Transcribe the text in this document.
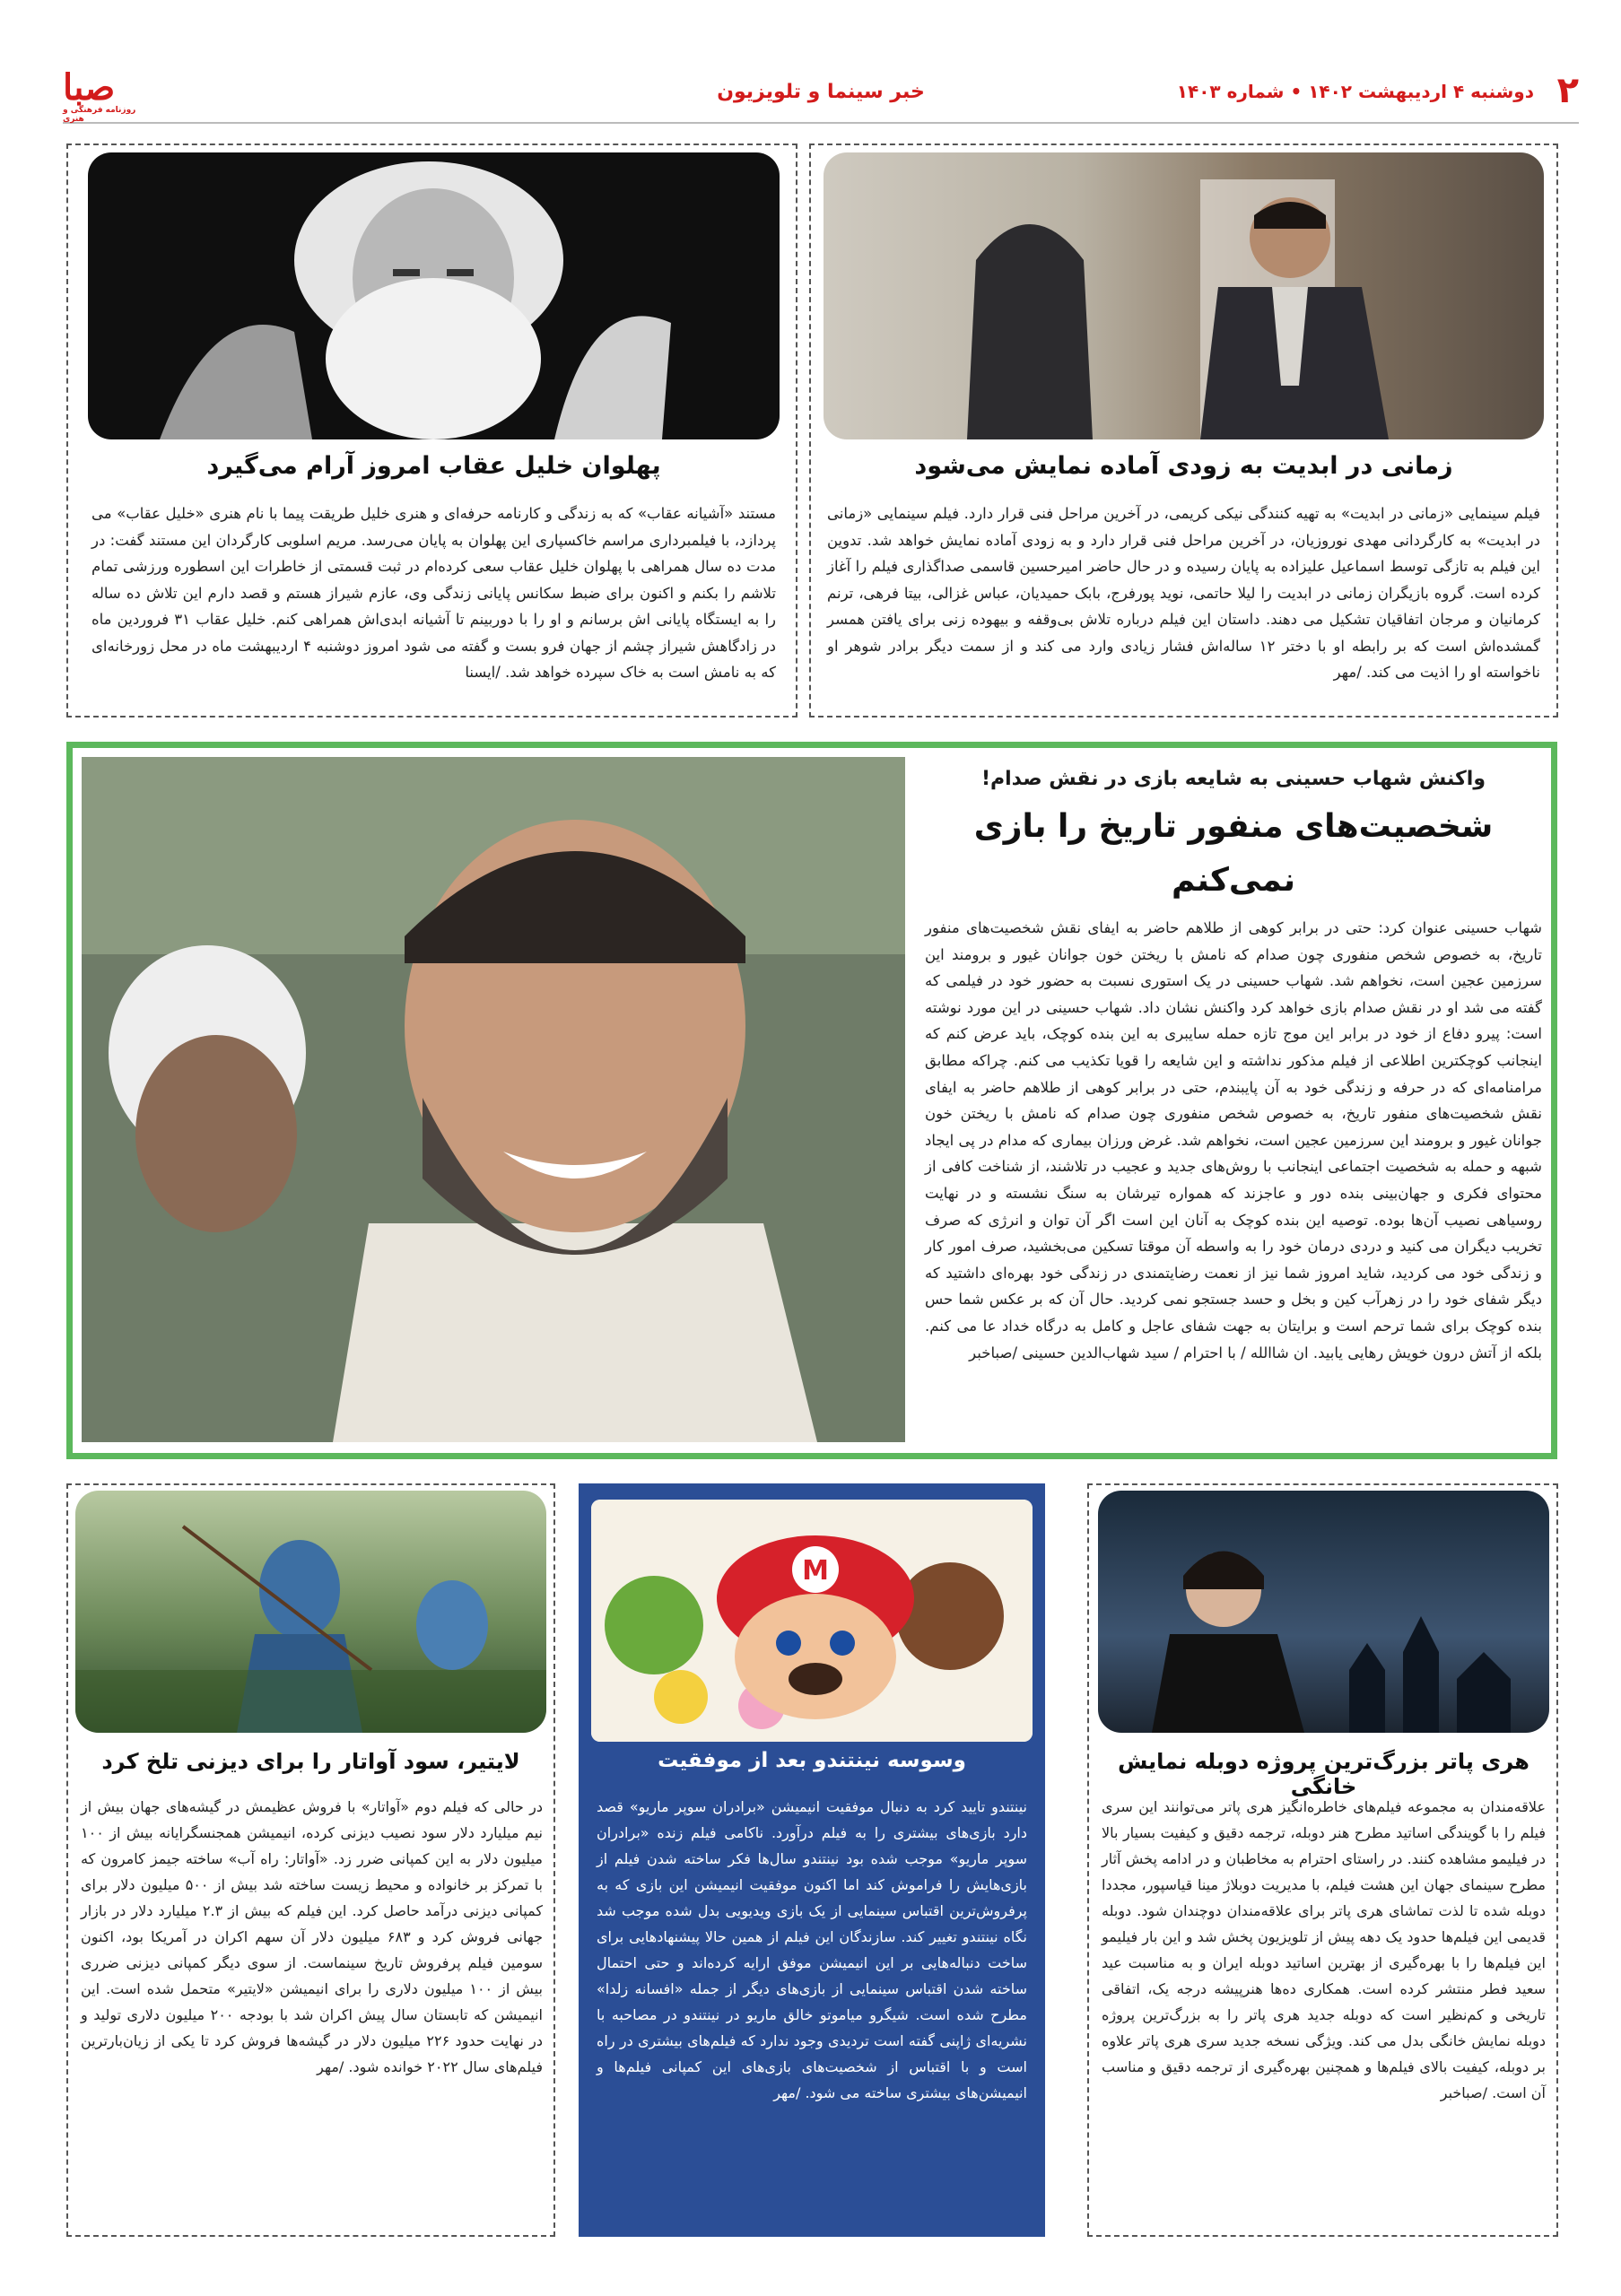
۲
دوشنبه ۴ اردیبهشت ۱۴۰۲ • شماره ۱۴۰۳
خبر سینما و تلویزیون
صبا
روزنامه فرهنگی و هنری
زمانی در ابدیت به زودی آماده نمایش می‌شود
فیلم سینمایی «زمانی در ابدیت» به تهیه کنندگی نیکی کریمی، در آخرین مراحل فنی قرار دارد. فیلم سینمایی «زمانی در ابدیت» به کارگردانی مهدی نوروزیان، در آخرین مراحل فنی قرار دارد و به زودی آماده نمایش خواهد شد. تدوین این فیلم به تازگی توسط اسماعیل علیزاده به پایان رسیده و در حال حاضر امیرحسین قاسمی صداگذاری فیلم را آغاز کرده است. گروه بازیگران زمانی در ابدیت را لیلا حاتمی، نوید پورفرج، بابک حمیدیان، عباس غزالی، بیتا فرهی، ترنم کرمانیان و مرجان اتفاقیان تشکیل می دهند. داستان این فیلم درباره تلاش بی‌وقفه و بیهوده زنی برای یافتن همسر گمشده‌اش است که بر رابطه او با دختر ۱۲ ساله‌اش فشار زیادی وارد می کند و از سمت دیگر برادر شوهر او ناخواسته او را اذیت می کند. /مهر
پهلوان خلیل عقاب امروز آرام می‌گیرد
مستند «آشیانه عقاب» که به زندگی و کارنامه حرفه‌ای و هنری خلیل طریقت پیما با نام هنری «خلیل عقاب» می پردازد، با فیلمبرداری مراسم خاکسپاری این پهلوان به پایان می‌رسد. مریم اسلوبی کارگردان این مستند گفت: در مدت ده سال همراهی با پهلوان خلیل عقاب سعی کرده‌ام در ثبت قسمتی از خاطرات این اسطوره ورزشی تمام تلاشم را بکنم و اکنون برای ضبط سکانس پایانی زندگی وی، عازم شیراز هستم و قصد دارم این تلاش ده ساله را به ایستگاه پایانی اش برسانم و او را با دوربینم تا آشیانه ابدی‌اش همراهی کنم. خلیل عقاب ۳۱ فروردین ماه در زادگاهش شیراز چشم از جهان فرو بست و گفته می شود امروز دوشنبه ۴ اردیبهشت ماه در محل زورخانه‌ای که به نامش است به خاک سپرده خواهد شد. /ایسنا
واکنش شهاب حسینی به شایعه بازی در نقش صدام!
شخصیت‌های منفور تاریخ را بازی نمی‌کنم
شهاب حسینی عنوان کرد: حتی در برابر کوهی از طلاهم حاضر به ایفای نقش شخصیت‌های منفور تاریخ، به خصوص شخص منفوری چون صدام که نامش با ریختن خون جوانان غیور و برومند این سرزمین عجین است، نخواهم شد. شهاب حسینی در یک استوری نسبت به حضور خود در فیلمی که گفته می شد او در نقش صدام بازی خواهد کرد واکنش نشان داد. شهاب حسینی در این مورد نوشته است: پیرو دفاع از خود در برابر این موج تازه حمله سایبری به این بنده کوچک، باید عرض کنم که اینجانب کوچکترین اطلاعی از فیلم مذکور نداشته و این شایعه را قویا تکذیب می کنم. چراکه مطابق مرامنامه‌ای که در حرفه و زندگی خود به آن پایبندم، حتی در برابر کوهی از طلاهم حاضر به ایفای نقش شخصیت‌های منفور تاریخ، به خصوص شخص منفوری چون صدام که نامش با ریختن خون جوانان غیور و برومند این سرزمین عجین است، نخواهم شد. غرض ورزان بیماری که مدام در پی ایجاد شبهه و حمله به شخصیت اجتماعی اینجانب با روش‌های جدید و عجیب در تلاشند، از شناخت کافی از محتوای فکری و جهان‌بینی بنده دور و عاجزند که همواره تیرشان به سنگ نشسته و در نهایت روسیاهی نصیب آن‌ها بوده. توصیه این بنده کوچک به آنان این است اگر آن توان و انرژی که صرف تخریب دیگران می کنید و دردی درمان خود را به واسطه آن موقتا تسکین می‌بخشید، صرف امور کار و زندگی خود می کردید، شاید امروز شما نیز از نعمت رضایتمندی در زندگی خود بهره‌ای داشتید که دیگر شفای خود را در زهرآب کین و بخل و حسد جستجو نمی کردید. حال آن که بر عکس شما حس بنده کوچک برای شما ترحم است و برایتان به جهت شفای عاجل و کامل به درگاه خداد عا می کنم. بلکه از آتش درون خویش رهایی یابید. ان شاالله / با احترام / سید شهاب‌الدین حسینی /صباخبر
هری پاتر بزرگ‌ترین پروژه دوبله نمایش خانگی
علاقه‌مندان به مجموعه فیلم‌های خاطره‌انگیز هری پاتر می‌توانند این سری فیلم را با گویندگی اساتید مطرح هنر دوبله، ترجمه دقیق و کیفیت بسیار بالا در فیلیمو مشاهده کنند. در راستای احترام به مخاطبان و در ادامه پخش آثار مطرح سینمای جهان این هشت فیلم، با مدیریت دوبلاژ مینا قیاسپور، مجددا دوبله شده تا لذت تماشای هری پاتر برای علاقه‌مندان دوچندان شود. دوبله قدیمی این فیلم‌ها حدود یک دهه پیش از تلویزیون پخش شد و این بار فیلیمو این فیلم‌ها را با بهره‌گیری از بهترین اساتید دوبله ایران و به مناسبت عید سعید فطر منتشر کرده است. همکاری ده‌ها هنرپیشه درجه یک، اتفاقی تاریخی و کم‌نظیر است که دوبله جدید هری پاتر را به بزرگ‌ترین پروژه دوبله نمایش خانگی بدل می کند. ویژگی نسخه جدید سری هری پاتر علاوه بر دوبله، کیفیت بالای فیلم‌ها و همچنین بهره‌گیری از ترجمه دقیق و مناسب آن است. /صباخبر
M
وسوسه نینتندو بعد از موفقیت
نینتندو تایید کرد به دنبال موفقیت انیمیشن «برادران سوپر ماریو» قصد دارد بازی‌های بیشتری را به فیلم درآورد. ناکامی فیلم زنده «برادران سوپر ماریو» موجب شده بود نینتندو سال‌ها فکر ساخته شدن فیلم از بازی‌هایش را فراموش کند اما اکنون موفقیت انیمیشن این بازی که به پرفروش‌ترین اقتباس سینمایی از یک بازی ویدیویی بدل شده موجب شد نگاه نینتندو تغییر کند. سازندگان این فیلم از همین حالا پیشنهادهایی برای ساخت دنباله‌هایی بر این انیمیشن موفق ارایه کرده‌اند و حتی احتمال ساخته شدن اقتباس سینمایی از بازی‌های دیگر از جمله «افسانه زلدا» مطرح شده است. شیگرو میاموتو خالق ماریو در نینتندو در مصاحبه با نشریه‌ای ژاپنی گفته است تردیدی وجود ندارد که فیلم‌های بیشتری در راه است و با اقتباس از شخصیت‌های بازی‌های این کمپانی فیلم‌ها و انیمیشن‌های بیشتری ساخته می شود. /مهر
لایتیر، سود آواتار را برای دیزنی تلخ کرد
در حالی که فیلم دوم «آواتار» با فروش عظیمش در گیشه‌های جهان بیش از نیم میلیارد دلار سود نصیب دیزنی کرده، انیمیشن همجنسگرایانه بیش از ۱۰۰ میلیون دلار به این کمپانی ضرر زد. «آواتار: راه آب» ساخته جیمز کامرون که با تمرکز بر خانواده و محیط زیست ساخته شد بیش از ۵۰۰ میلیون دلار برای کمپانی دیزنی درآمد حاصل کرد. این فیلم که بیش از ۲.۳ میلیارد دلار در بازار جهانی فروش کرد و ۶۸۳ میلیون دلار آن سهم اکران در آمریکا بود، اکنون سومین فیلم پرفروش تاریخ سینماست. از سوی دیگر کمپانی دیزنی ضرری بیش از ۱۰۰ میلیون دلاری را برای انیمیشن «لایتیر» متحمل شده است. این انیمیشن که تابستان سال پیش اکران شد با بودجه ۲۰۰ میلیون دلاری تولید و در نهایت حدود ۲۲۶ میلیون دلار در گیشه‌ها فروش کرد تا یکی از زیان‌بارترین فیلم‌های سال ۲۰۲۲ خوانده شود. /مهر
